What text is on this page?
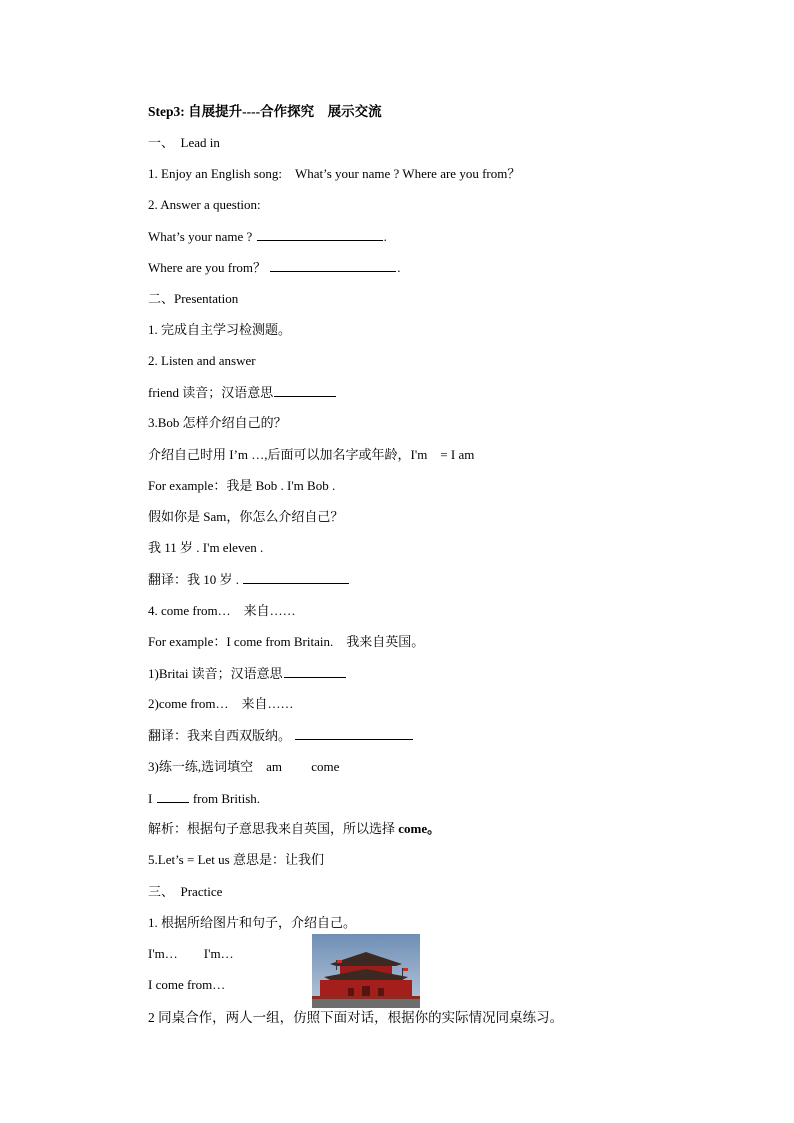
Step3: 自展提升----合作探究　展示交流
一、　Lead in
1. Enjoy an English song:　What’s your name ? Where are you from？
2. Answer a question:
What’s your name ?	.
Where are you from？	.
二、Presentation
1. 完成自主学习检测题。
2. Listen and answer
friend 读音；汉语意思
3.Bob 怎样介绍自己的？
介绍自己时用 I’m …,后面可以加名字或年龄，I'm　= I am
For example：我是 Bob . I'm Bob .
假如你是 Sam，你怎么介绍自己？
我 11 岁 . I'm eleven .
翻译：我 10 岁 .
4. come from…　来自……
For example：I come from Britain.　我来自英国。
1)Britai 读音；汉语意思
2)come from…　来自……
翻译：我来自西双版纳。
3)练一练,选词填空　am　　 come
I	from British.
解析：根据句子意思我来自英国，所以选择 come。
5.Let’s = Let us 意思是：让我们
三、　Practice
1. 根据所给图片和句子，介绍自己。
I'm…　　I'm…
I come from…
2 同桌合作，两人一组，仿照下面对话，根据你的实际情况同桌练习。
